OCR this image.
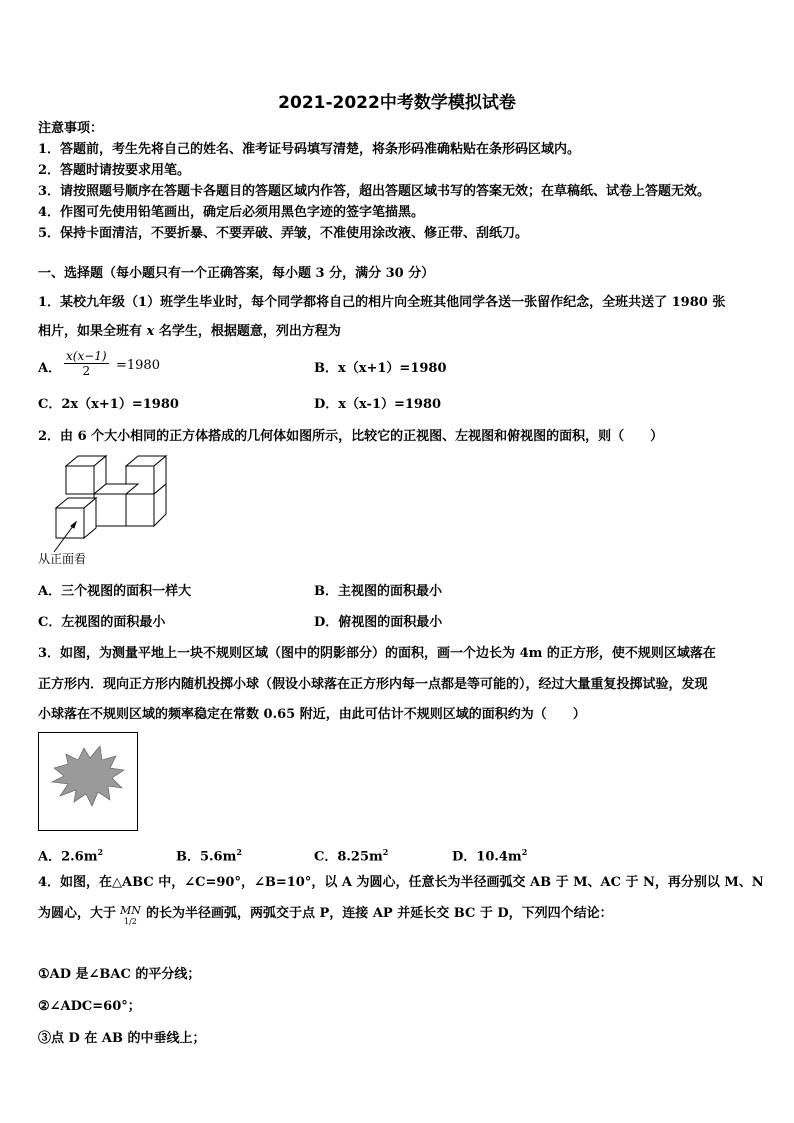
2021-2022中考数学模拟试卷
注意事项：
1．答题前，考生先将自己的姓名、准考证号码填写清楚，将条形码准确粘贴在条形码区域内。
2．答题时请按要求用笔。
3．请按照题号顺序在答题卡各题目的答题区域内作答，超出答题区域书写的答案无效；在草稿纸、试卷上答题无效。
4．作图可先使用铅笔画出，确定后必须用黑色字迹的签字笔描黑。
5．保持卡面清洁，不要折暴、不要弄破、弄皱，不准使用涂改液、修正带、刮纸刀。
一、选择题（每小题只有一个正确答案，每小题 3 分，满分 30 分）
1．某校九年级（1）班学生毕业时，每个同学都将自己的相片向全班其他同学各送一张留作纪念，全班共送了 1980 张
相片，如果全班有 x 名学生，根据题意，列出方程为
A． $\frac{x(x-1)}{2} =1980$	B．x（x+1）=1980
C．2x（x+1）=1980	D．x（x-1）=1980
2．由 6 个大小相同的正方体搭成的几何体如图所示，比较它的正视图、左视图和俯视图的面积，则（　　）
从正面看
A．三个视图的面积一样大	B．主视图的面积最小
C．左视图的面积最小	D．俯视图的面积最小
3．如图，为测量平地上一块不规则区域（图中的阴影部分）的面积，画一个边长为 4m 的正方形，使不规则区域落在
正方形内．现向正方形内随机投掷小球（假设小球落在正方形内每一点都是等可能的），经过大量重复投掷试验，发现
小球落在不规则区域的频率稳定在常数 0.65 附近，由此可估计不规则区域的面积约为（　　）
A．$2.6m^2$	B．$5.6m^2$	C．$8.25m^2$	D．$10.4m^2$
4．如图，在△ABC 中，∠C=90°，∠B=10°，以 A 为圆心，任意长为半径画弧交 AB 于 M、AC 于 N，再分别以 M、N
为圆心，大于 MN
1/2
的长为半径画弧，两弧交于点 P，连接 AP 并延长交 BC 于 D，下列四个结论：
①AD 是∠BAC 的平分线；
②∠ADC=60°；
③点 D 在 AB 的中垂线上；
